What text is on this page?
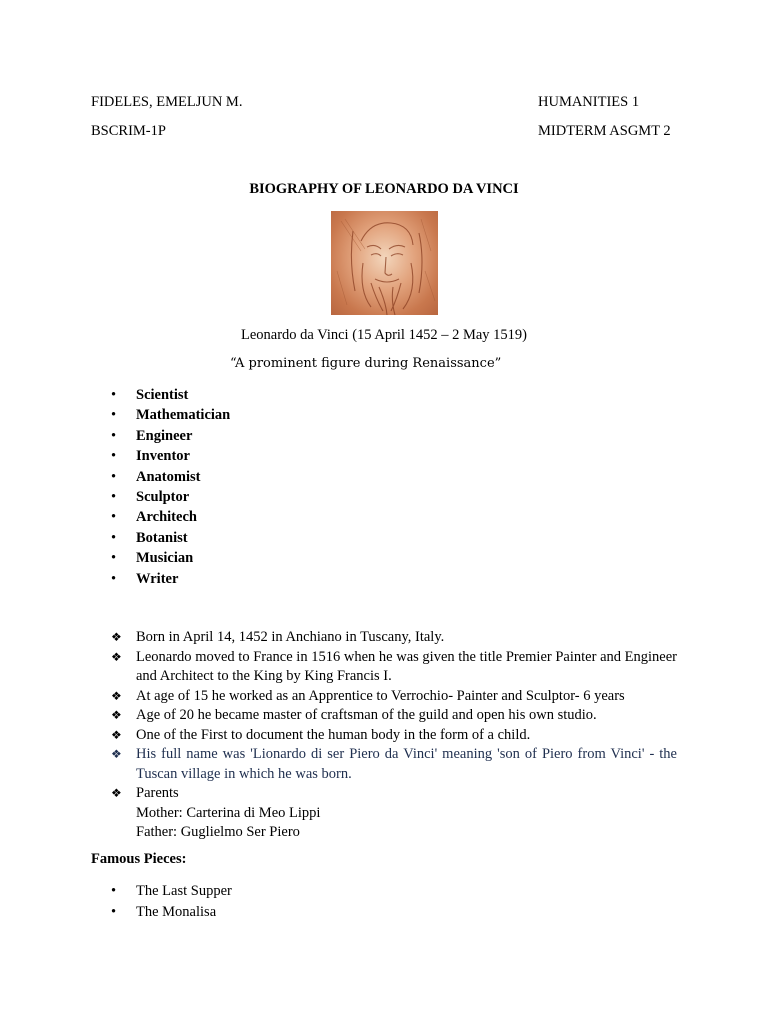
FIDELES, EMELJUN M.
BSCRIM-1P
HUMANITIES 1
MIDTERM ASGMT 2
BIOGRAPHY OF LEONARDO DA VINCI
Leonardo da Vinci (15 April 1452 – 2 May 1519)
“A prominent figure during Renaissance”
• Scientist
• Mathematician
• Engineer
• Inventor
• Anatomist
• Sculptor
• Architech
• Botanist
• Musician
• Writer
❖ Born in April 14, 1452 in Anchiano in Tuscany, Italy.
❖ Leonardo moved to France in 1516 when he was given the title Premier Painter and Engineer and Architect to the King by King Francis I.
❖ At age of 15 he worked as an Apprentice to Verrochio- Painter and Sculptor- 6 years
❖ Age of 20 he became master of craftsman of the guild and open his own studio.
❖ One of the First to document the human body in the form of a child.
❖ His full name was 'Lionardo di ser Piero da Vinci' meaning 'son of Piero from Vinci' - the Tuscan village in which he was born.
❖ Parents
Mother: Carterina di Meo Lippi
Father: Guglielmo Ser Piero
Famous Pieces:
• The Last Supper
• The Monalisa
